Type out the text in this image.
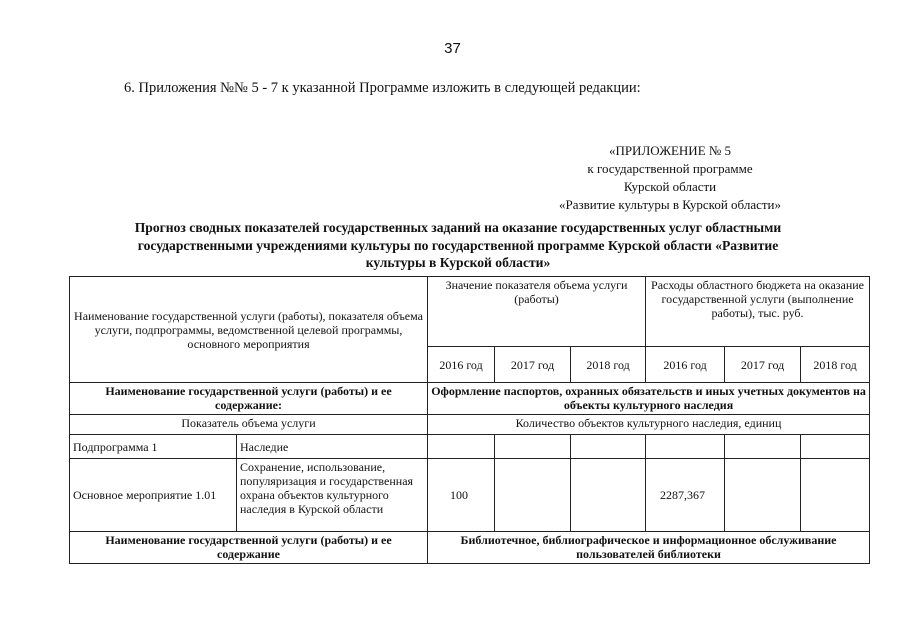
37
6. Приложения №№ 5 - 7 к указанной Программе изложить в следующей редакции:
«ПРИЛОЖЕНИЕ № 5
к государственной программе
Курской области
«Развитие культуры в Курской области»
Прогноз сводных показателей государственных заданий на оказание государственных услуг областными
государственными учреждениями культуры по государственной программе Курской области «Развитие
культуры в Курской области»
Наименование государственной услуги (работы), показателя объема услуги, подпрограммы, ведомственной целевой программы, основного мероприятия		Значение показателя объема услуги (работы)			Расходы областного бюджета на оказание государственной услуги (выполнение работы), тыс. руб.		
		2016 год	2017 год	2018 год	2016 год	2017 год	2018 год
Наименование государственной услуги (работы) и ее содержание:		Оформление паспортов, охранных обязательств и иных учетных документов на объекты культурного наследия					
Показатель объема услуги		Количество объектов культурного наследия, единиц					
Подпрограмма 1	Наследие						
Основное мероприятие 1.01	Сохранение, использование, популяризация и государственная охрана объектов культурного наследия в Курской области	100			2287,367		
Наименование государственной услуги (работы) и ее содержание		Библиотечное, библиографическое и информационное обслуживание пользователей библиотеки					
